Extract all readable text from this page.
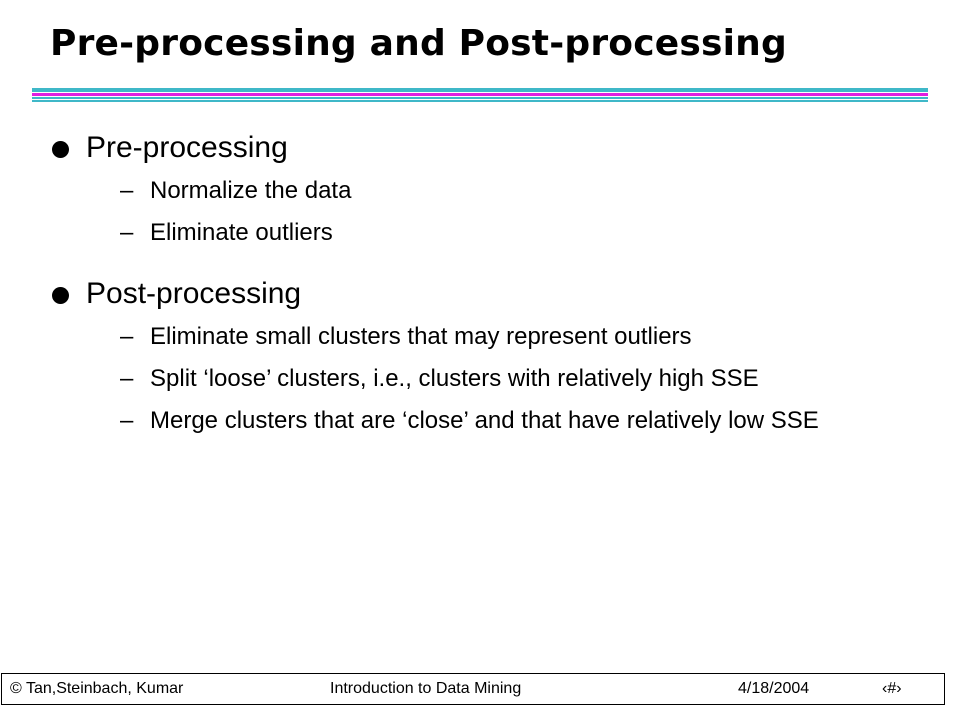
Pre-processing and Post-processing
Pre-processing
– Normalize the data
– Eliminate outliers
Post-processing
– Eliminate small clusters that may represent outliers
– Split ‘loose’ clusters, i.e., clusters with relatively high SSE
– Merge clusters that are ‘close’ and that have relatively low SSE
© Tan,Steinbach, Kumar	Introduction to Data Mining	4/18/2004	‹#›
